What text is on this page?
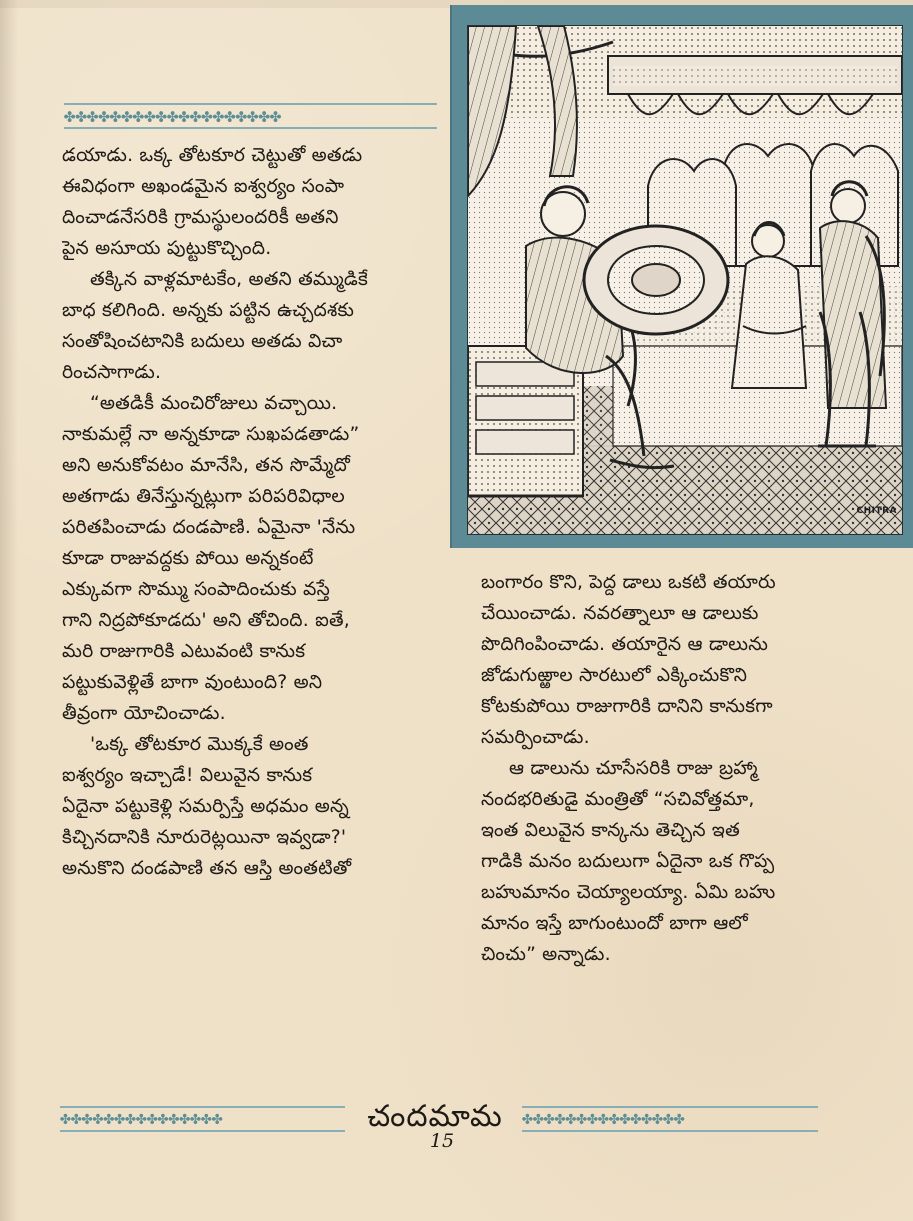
✤✤✤✤✤✤✤✤✤✤✤✤✤✤✤✤✤✤✤
డయాడు. ఒక్క తోటకూర చెట్టుతో అతడు
ఈవిధంగా అఖండమైన ఐశ్వర్యం సంపా
దించాడనేసరికి గ్రామస్థులందరికీ అతని
పైన అసూయ పుట్టుకొచ్చింది.
తక్కిన వాళ్లమాటకేం, అతని తమ్ముడికే
బాధ కలిగింది. అన్నకు పట్టిన ఉచ్చదశకు
సంతోషించటానికి బదులు అతడు విచా
రించసాగాడు.
“అతడికీ మంచిరోజులు వచ్చాయి.
నాకుమల్లే నా అన్నకూడా సుఖపడతాడు”
అని అనుకోవటం మానేసి, తన సొమ్మేదో
అతగాడు తినేస్తున్నట్లుగా పరిపరివిధాల
పరితపించాడు దండపాణి. ఏమైనా 'నేను
కూడా రాజువద్దకు పోయి అన్నకంటే
ఎక్కువగా సొమ్ము సంపాదించుకు వస్తే
గాని నిద్రపోకూడదు' అని తోచింది. ఐతే,
మరి రాజుగారికి ఎటువంటి కానుక
పట్టుకువెళ్లితే బాగా వుంటుంది? అని
తీవ్రంగా యోచించాడు.
'ఒక్క తోటకూర మొక్కకే అంత
ఐశ్వర్యం ఇచ్చాడే! విలువైన కానుక
ఏదైనా పట్టుకెళ్లి సమర్పిస్తే అధమం అన్న
కిచ్చినదానికి నూరురెట్లయినా ఇవ్వడా?'
అనుకొని దండపాణి తన ఆస్తి అంతటితో
CHITRA
బంగారం కొని, పెద్ద డాలు ఒకటి తయారు
చేయించాడు. నవరత్నాలూ ఆ డాలుకు
పొదిగింపించాడు. తయారైన ఆ డాలును
జోడుగుఱ్ఱాల సారటులో ఎక్కించుకొని
కోటకుపోయి రాజుగారికి దానిని కానుకగా
సమర్పించాడు.
ఆ డాలును చూసేసరికి రాజు బ్రహ్మా
నందభరితుడై మంత్రితో “సచివోత్తమా,
ఇంత విలువైన కాన్కను తెచ్చిన ఇత
గాడికి మనం బదులుగా ఏదైనా ఒక గొప్ప
బహుమానం చెయ్యాలయ్యా. ఏమి బహు
మానం ఇస్తే బాగుంటుందో బాగా ఆలో
చించు” అన్నాడు.
✤✤✤✤✤✤✤✤✤✤✤✤✤✤✤	చందమామ	✤✤✤✤✤✤✤✤✤✤✤✤✤✤✤
15
